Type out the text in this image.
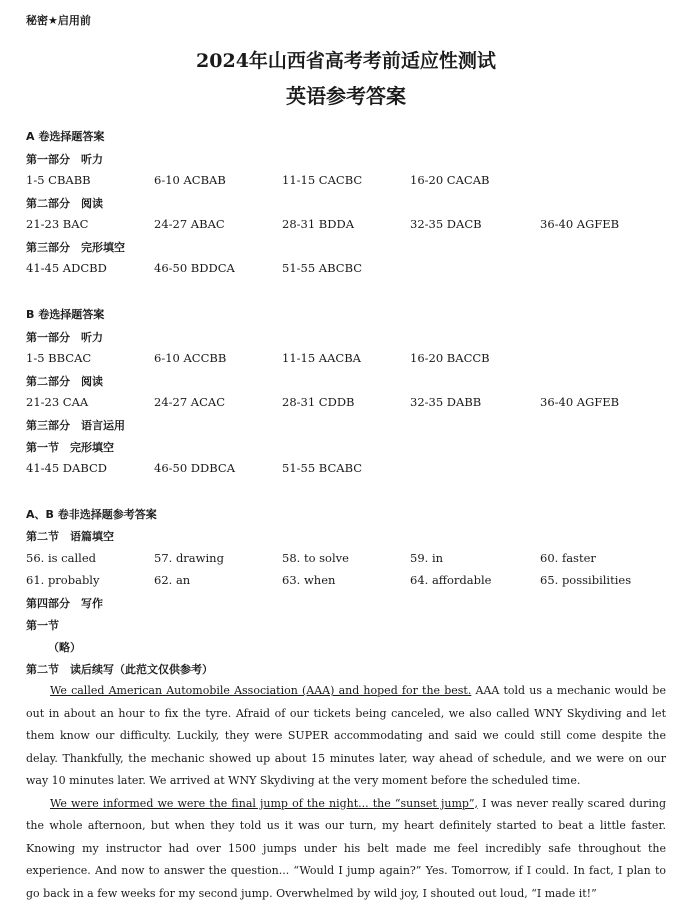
秘密★启用前
2024年山西省高考考前适应性测试
英语参考答案
A 卷选择题答案
第一部分　听力
1-5 CBABB	6-10 ACBAB	11-15 CACBC	16-20 CACAB
第二部分　阅读
21-23 BAC	24-27 ABAC	28-31 BDDA	32-35 DACB	36-40 AGFEB
第三部分　完形填空
41-45 ADCBD	46-50 BDDCA	51-55 ABCBC
B 卷选择题答案
第一部分　听力
1-5 BBCAC	6-10 ACCBB	11-15 AACBA	16-20 BACCB
第二部分　阅读
21-23 CAA	24-27 ACAC	28-31 CDDB	32-35 DABB	36-40 AGFEB
第三部分　语言运用
第一节　完形填空
41-45 DABCD	46-50 DDBCA	51-55 BCABC
A、B 卷非选择题参考答案
第二节　语篇填空
56. is called	57. drawing	58. to solve	59. in	60. faster
61. probably	62. an	63. when	64. affordable	65. possibilities
第四部分　写作
第一节
（略）
第二节　读后续写（此范文仅供参考）

We called American Automobile Association (AAA) and hoped for the best. AAA told us a mechanic would be out in about an hour to fix the tyre. Afraid of our tickets being canceled, we also called WNY Skydiving and let them know our difficulty. Luckily, they were SUPER accommodating and said we could still come despite the delay. Thankfully, the mechanic showed up about 15 minutes later, way ahead of schedule, and we were on our way 10 minutes later. We arrived at WNY Skydiving at the very moment before the scheduled time.

We were informed we were the final jump of the night... the “sunset jump”, I was never really scared during the whole afternoon, but when they told us it was our turn, my heart definitely started to beat a little faster. Knowing my instructor had over 1500 jumps under his belt made me feel incredibly safe throughout the experience. And now to answer the question... “Would I jump again?” Yes. Tomorrow, if I could. In fact, I plan to go back in a few weeks for my second jump. Overwhelmed by wild joy, I shouted out loud, “I made it!”
